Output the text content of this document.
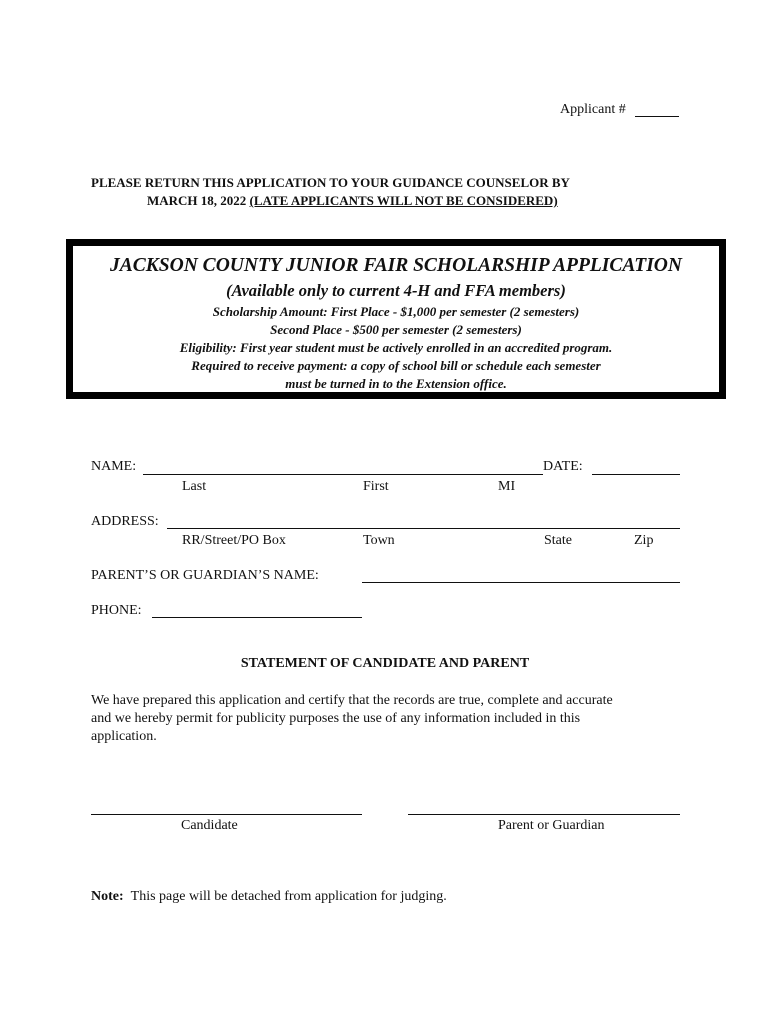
Applicant #
PLEASE RETURN THIS APPLICATION TO YOUR GUIDANCE COUNSELOR BY
MARCH 18, 2022 (LATE APPLICANTS WILL NOT BE CONSIDERED)
JACKSON COUNTY JUNIOR FAIR SCHOLARSHIP APPLICATION
(Available only to current 4-H and FFA members)
Scholarship Amount: First Place - $1,000 per semester (2 semesters)
Second Place - $500 per semester (2 semesters)
Eligibility: First year student must be actively enrolled in an accredited program.
Required to receive payment: a copy of school bill or schedule each semester
must be turned in to the Extension office.
NAME:	DATE:
Last	First	MI
ADDRESS:
RR/Street/PO Box	Town	State	Zip
PARENT’S OR GUARDIAN’S NAME:
PHONE:
STATEMENT OF CANDIDATE AND PARENT
We have prepared this application and certify that the records are true, complete and accurate
and we hereby permit for publicity purposes the use of any information included in this
application.
Candidate	Parent or Guardian
Note: This page will be detached from application for judging.
